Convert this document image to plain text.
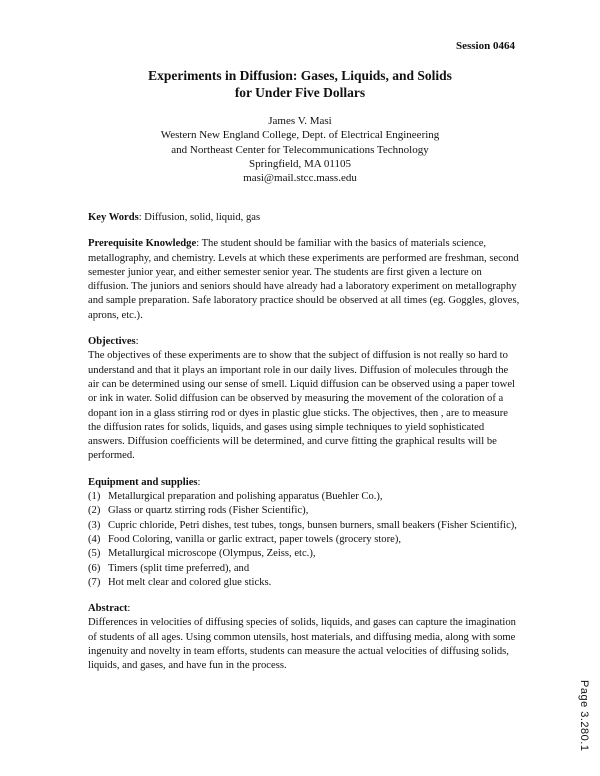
Session 0464
Experiments in Diffusion: Gases, Liquids, and Solids
for Under Five Dollars
James V. Masi
Western New England College, Dept. of Electrical Engineering
and Northeast Center for Telecommunications Technology
Springfield, MA 01105
masi@mail.stcc.mass.edu

Key Words: Diffusion, solid, liquid, gas

Prerequisite Knowledge: The student should be familiar with the basics of materials science, metallography, and chemistry. Levels at which these experiments are performed are freshman, second semester junior year, and either semester senior year. The students are first given a lecture on diffusion. The juniors and seniors should have already had a laboratory experiment on metallography and sample preparation. Safe laboratory practice should be observed at all times (eg. Goggles, gloves, aprons, etc.).

Objectives:
The objectives of these experiments are to show that the subject of diffusion is not really so hard to understand and that it plays an important role in our daily lives. Diffusion of molecules through the air can be determined using our sense of smell. Liquid diffusion can be observed using a paper towel or ink in water. Solid diffusion can be observed by measuring the movement of the coloration of a dopant ion in a glass stirring rod or dyes in plastic glue sticks. The objectives, then , are to measure the diffusion rates for solids, liquids, and gases using simple techniques to yield sophisticated answers. Diffusion coefficients will be determined, and curve fitting the graphical results will be performed.
Equipment and supplies:
(1) Metallurgical preparation and polishing apparatus (Buehler Co.),
(2) Glass or quartz stirring rods (Fisher Scientific),
(3) Cupric chloride, Petri dishes, test tubes, tongs, bunsen burners, small beakers (Fisher Scientific),
(4) Food Coloring, vanilla or garlic extract, paper towels (grocery store),
(5) Metallurgical microscope (Olympus, Zeiss, etc.),
(6) Timers (split time preferred), and
(7) Hot melt clear and colored glue sticks.
Abstract:
Differences in velocities of diffusing species of solids, liquids, and gases can capture the imagination of students of all ages. Using common utensils, host materials, and diffusing media, along with some ingenuity and novelty in team efforts, students can measure the actual velocities of diffusing solids, liquids, and gases, and have fun in the process.
Page 3.280.1
